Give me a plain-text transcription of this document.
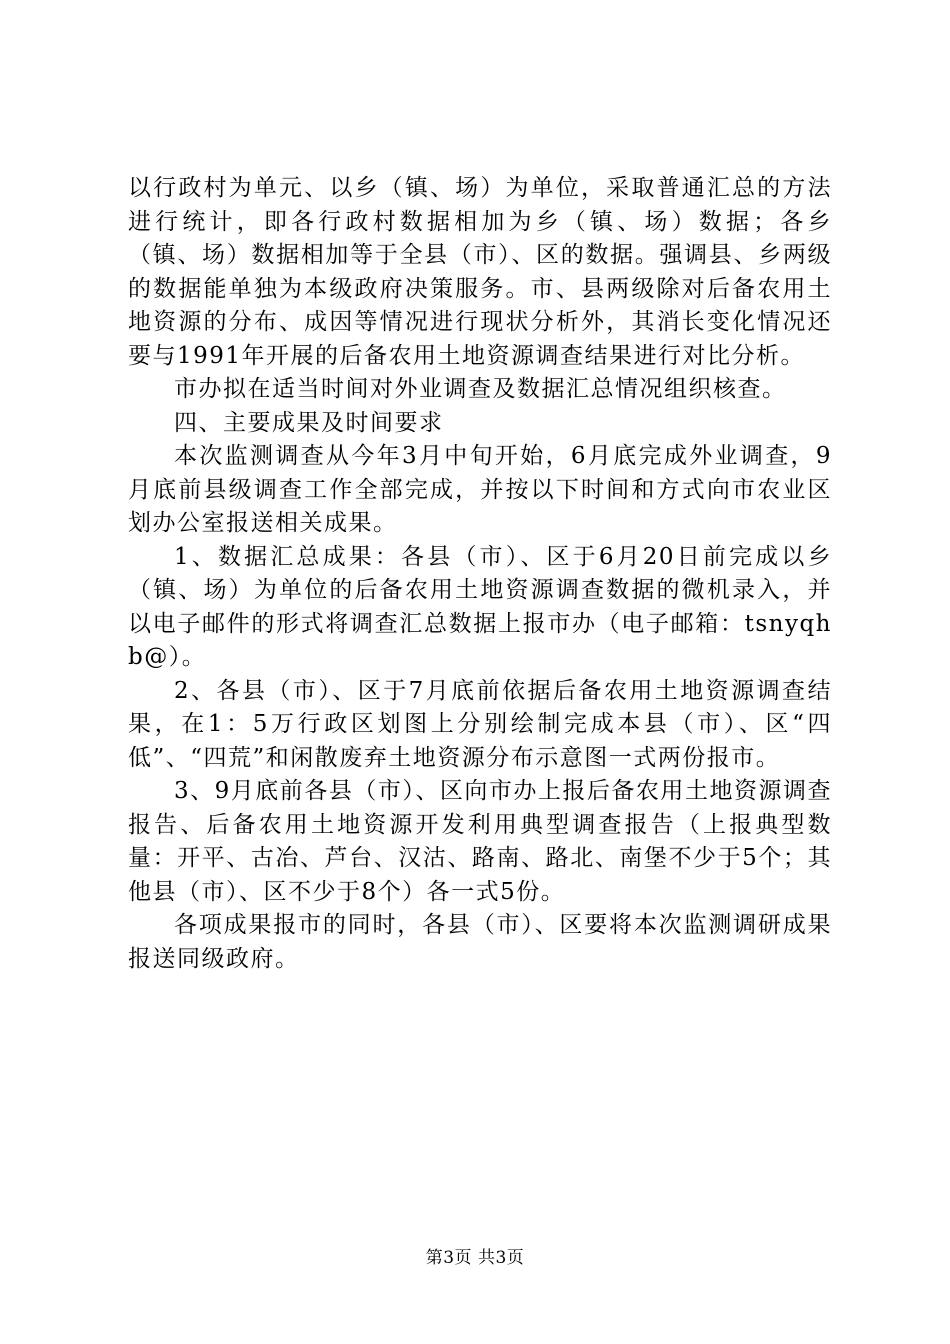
以行政村为单元、以乡（镇、场）为单位，采取普通汇总的方法进行统计，即各行政村数据相加为乡（镇、场）数据；各乡（镇、场）数据相加等于全县（市）、区的数据。强调县、乡两级的数据能单独为本级政府决策服务。市、县两级除对后备农用土地资源的分布、成因等情况进行现状分析外，其消长变化情况还要与1991年开展的后备农用土地资源调查结果进行对比分析。

市办拟在适当时间对外业调查及数据汇总情况组织核查。

四、主要成果及时间要求

本次监测调查从今年3月中旬开始，6月底完成外业调查，9月底前县级调查工作全部完成，并按以下时间和方式向市农业区划办公室报送相关成果。

1、数据汇总成果：各县（市）、区于6月20日前完成以乡（镇、场）为单位的后备农用土地资源调查数据的微机录入，并以电子邮件的形式将调查汇总数据上报市办（电子邮箱：tsnyqhb@）。

2、各县（市）、区于7月底前依据后备农用土地资源调查结果，在1：5万行政区划图上分别绘制完成本县（市）、区“四低”、“四荒”和闲散废弃土地资源分布示意图一式两份报市。

3、9月底前各县（市）、区向市办上报后备农用土地资源调查报告、后备农用土地资源开发利用典型调查报告（上报典型数量：开平、古冶、芦台、汉沽、路南、路北、南堡不少于5个；其他县（市）、区不少于8个）各一式5份。

各项成果报市的同时，各县（市）、区要将本次监测调研成果报送同级政府。

第3页 共3页
